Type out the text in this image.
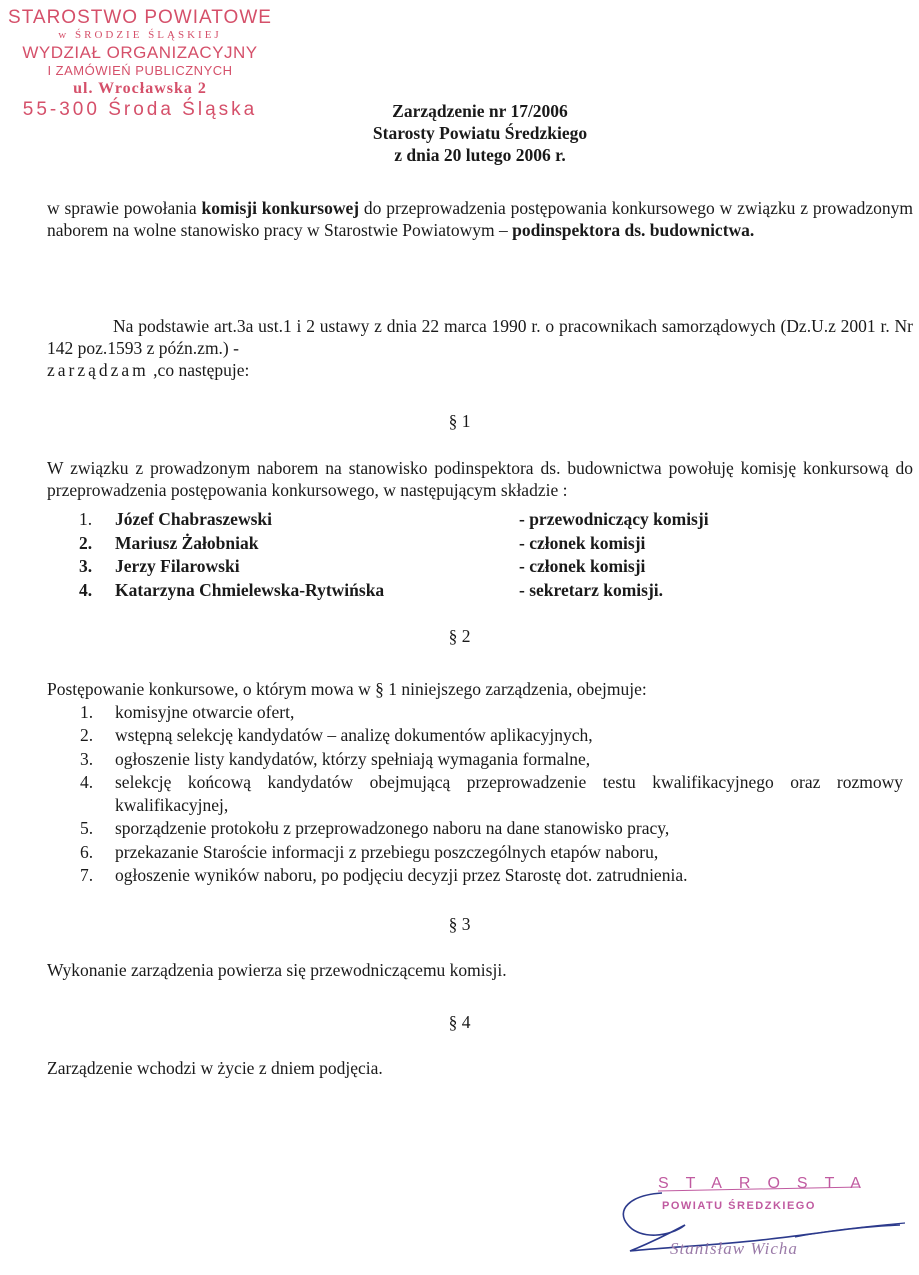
STAROSTWO POWIATOWE
w ŚRODZIE ŚLĄSKIEJ
WYDZIAŁ ORGANIZACYJNY
I ZAMÓWIEŃ PUBLICZNYCH
ul. Wrocławska 2
55-300 Środa Śląska	Zarządzenie nr 17/2006
Starosty Powiatu Średzkiego
z dnia 20 lutego 2006 r.
w sprawie powołania komisji konkursowej do przeprowadzenia postępowania konkursowego w związku z prowadzonym naborem na wolne stanowisko pracy w Starostwie Powiatowym – podinspektora ds. budownictwa.
Na podstawie art.3a ust.1 i 2 ustawy z dnia 22 marca 1990 r. o pracownikach samorządowych (Dz.U.z 2001 r. Nr 142 poz.1593 z późn.zm.) -
zarządzam ,co następuje:
§ 1
W związku z prowadzonym naborem na stanowisko podinspektora ds. budownictwa powołuję komisję konkursową do przeprowadzenia postępowania konkursowego, w następującym składzie :
1.	Józef Chabraszewski	- przewodniczący komisji
2.	Mariusz Żałobniak	- członek komisji
3.	Jerzy Filarowski	- członek komisji
4.	Katarzyna Chmielewska-Rytwińska	- sekretarz komisji.
§ 2
Postępowanie konkursowe, o którym mowa w § 1 niniejszego zarządzenia, obejmuje:
1. komisyjne otwarcie ofert,
2. wstępną selekcję kandydatów – analizę dokumentów aplikacyjnych,
3. ogłoszenie listy kandydatów, którzy spełniają wymagania formalne,
4. selekcję końcową kandydatów obejmującą przeprowadzenie testu kwalifikacyjnego oraz rozmowy kwalifikacyjnej,
5. sporządzenie protokołu z przeprowadzonego naboru na dane stanowisko pracy,
6. przekazanie Staroście informacji z przebiegu poszczególnych etapów naboru,
7. ogłoszenie wyników naboru, po podjęciu decyzji przez Starostę dot. zatrudnienia.
§ 3
Wykonanie zarządzenia powierza się przewodniczącemu komisji.
§ 4
Zarządzenie wchodzi w życie z dniem podjęcia.
STAROSTA
POWIATU ŚREDZKIEGO
Stanisław Wicha
